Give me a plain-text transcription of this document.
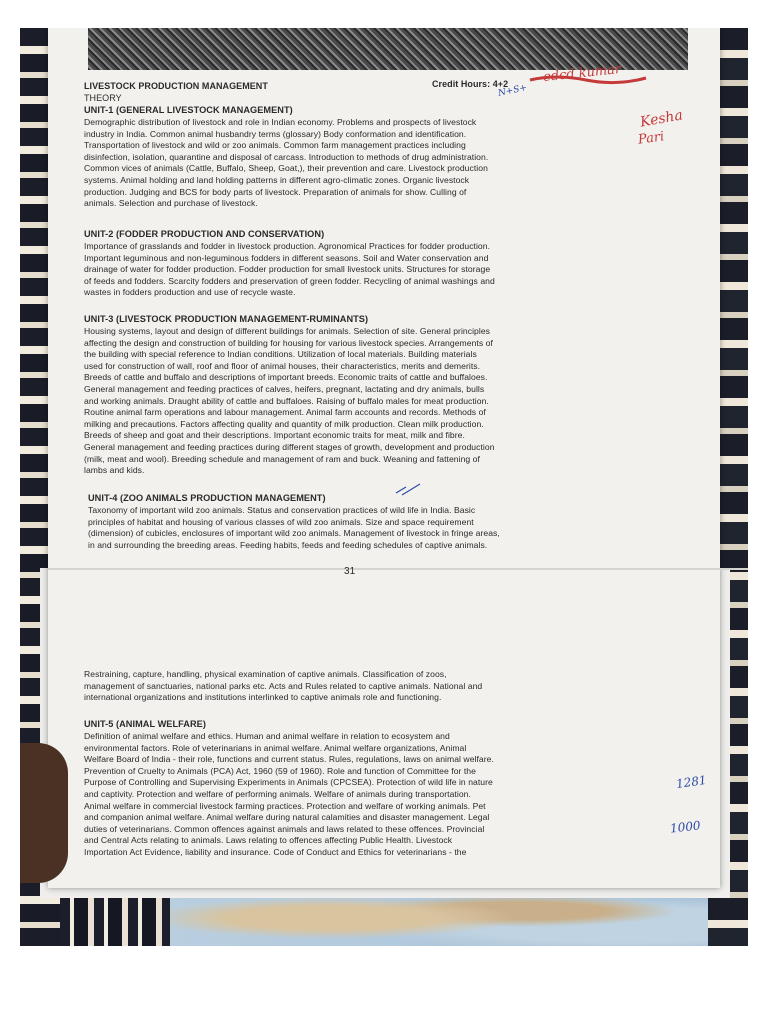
LIVESTOCK PRODUCTION MANAGEMENT	Credit Hours: 4+2
THEORY
UNIT-1 (GENERAL LIVESTOCK MANAGEMENT)
Demographic distribution of livestock and role in Indian economy. Problems and prospects of livestock
industry in India. Common animal husbandry terms (glossary) Body conformation and identification.
Transportation of livestock and wild or zoo animals. Common farm management practices including
disinfection, isolation, quarantine and disposal of carcass. Introduction to methods of drug administration.
Common vices of animals (Cattle, Buffalo, Sheep, Goat,), their prevention and care. Livestock production
systems. Animal holding and land holding patterns in different agro-climatic zones. Organic livestock
production. Judging and BCS for body parts of livestock. Preparation of animals for show. Culling of
animals. Selection and purchase of livestock.
UNIT-2 (FODDER PRODUCTION AND CONSERVATION)
Importance of grasslands and fodder in livestock production. Agronomical Practices for fodder production.
Important leguminous and non-leguminous fodders in different seasons. Soil and Water conservation and
drainage of water for fodder production. Fodder production for small livestock units. Structures for storage
of feeds and fodders. Scarcity fodders and preservation of green fodder. Recycling of animal washings and
wastes in fodders production and use of recycle waste.
UNIT-3 (LIVESTOCK PRODUCTION MANAGEMENT-RUMINANTS)
Housing systems, layout and design of different buildings for animals. Selection of site. General principles
affecting the design and construction of building for housing for various livestock species. Arrangements of
the building with special reference to Indian conditions. Utilization of local materials. Building materials
used for construction of wall, roof and floor of animal houses, their characteristics, merits and demerits.
Breeds of cattle and buffalo and descriptions of important breeds. Economic traits of cattle and buffaloes.
General management and feeding practices of calves, heifers, pregnant, lactating and dry animals, bulls
and working animals. Draught ability of cattle and buffaloes. Raising of buffalo males for meat production.
Routine animal farm operations and labour management. Animal farm accounts and records. Methods of
milking and precautions. Factors affecting quality and quantity of milk production. Clean milk production.
Breeds of sheep and goat and their descriptions. Important economic traits for meat, milk and fibre.
General management and feeding practices during different stages of growth, development and production
(milk, meat and wool). Breeding schedule and management of ram and buck. Weaning and fattening of
lambs and kids.
UNIT-4 (ZOO ANIMALS PRODUCTION MANAGEMENT)
Taxonomy of important wild zoo animals. Status and conservation practices of wild life in India. Basic
principles of habitat and housing of various classes of wild zoo animals. Size and space requirement
(dimension) of cubicles, enclosures of important wild zoo animals. Management of livestock in fringe areas,
in and surrounding the breeding areas. Feeding habits, feeds and feeding schedules of captive animals.
31
Restraining, capture, handling, physical examination of captive animals. Classification of zoos,
management of sanctuaries, national parks etc. Acts and Rules related to captive animals. National and
international organizations and institutions interlinked to captive animals role and functioning.
UNIT-5 (ANIMAL WELFARE)
Definition of animal welfare and ethics. Human and animal welfare in relation to ecosystem and
environmental factors. Role of veterinarians in animal welfare. Animal welfare organizations, Animal
Welfare Board of India - their role, functions and current status. Rules, regulations, laws on animal welfare.
Prevention of Cruelty to Animals (PCA) Act, 1960 (59 of 1960). Role and function of Committee for the
Purpose of Controlling and Supervising Experiments in Animals (CPCSEA). Protection of wild life in nature
and captivity. Protection and welfare of performing animals. Welfare of animals during transportation.
Animal welfare in commercial livestock farming practices. Protection and welfare of working animals. Pet
and companion animal welfare. Animal welfare during natural calamities and disaster management. Legal
duties of veterinarians. Common offences against animals and laws related to these offences. Provincial
and Central Acts relating to animals. Laws relating to offences affecting Public Health. Livestock
Importation Act Evidence, liability and insurance. Code of Conduct and Ethics for veterinarians - the
edcd kumar
Kesha
Pari
N+S+
1281
1000
